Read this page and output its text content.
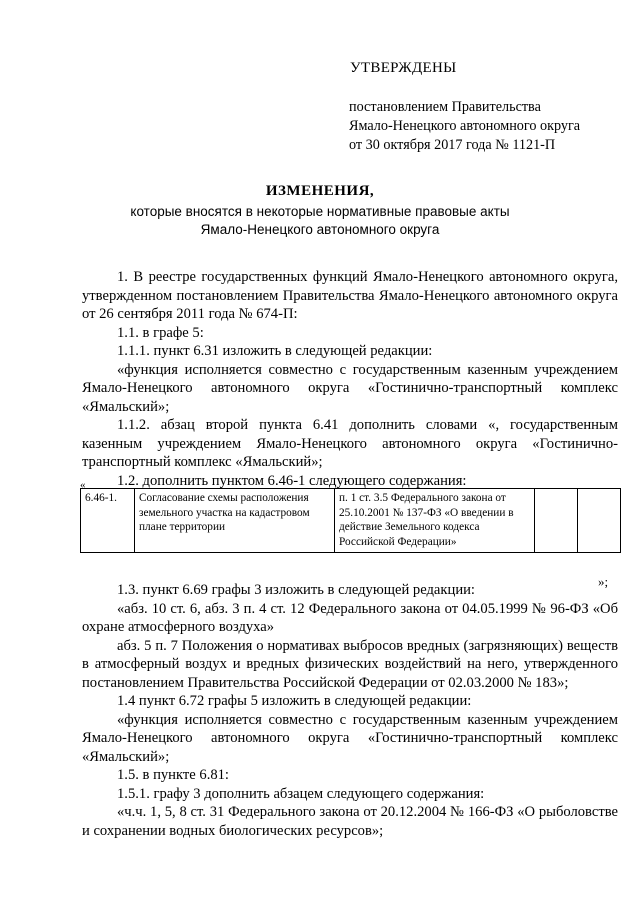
УТВЕРЖДЕНЫ
постановлением Правительства
Ямало-Ненецкого автономного округа
от 30 октября 2017 года № 1121-П
ИЗМЕНЕНИЯ,
которые вносятся в некоторые нормативные правовые акты
Ямало-Ненецкого автономного округа

1. В реестре государственных функций Ямало-Ненецкого автономного округа, утвержденном постановлением Правительства Ямало-Ненецкого автономного округа от 26 сентября 2011 года № 674-П:

1.1. в графе 5:

1.1.1. пункт 6.31 изложить в следующей редакции:

«функция исполняется совместно с государственным казенным учреждением Ямало-Ненецкого автономного округа «Гостинично-транспортный комплекс «Ямальский»;

1.1.2. абзац второй пункта 6.41 дополнить словами «, государственным казенным учреждением Ямало-Ненецкого автономного округа «Гостинично-транспортный комплекс «Ямальский»;

1.2. дополнить пунктом 6.46-1 следующего содержания:

«
6.46-1.	Согласование схемы расположения земельного участка на кадастровом плане территории	п. 1 ст. 3.5 Федерального закона от 25.10.2001 № 137-ФЗ «О введении в действие Земельного кодекса Российской Федерации»		
»;

1.3. пункт 6.69 графы 3 изложить в следующей редакции:

«абз. 10 ст. 6, абз. 3 п. 4 ст. 12 Федерального закона от 04.05.1999 № 96-ФЗ «Об охране атмосферного воздуха»

абз. 5 п. 7 Положения о нормативах выбросов вредных (загрязняющих) веществ в атмосферный воздух и вредных физических воздействий на него, утвержденного постановлением Правительства Российской Федерации от 02.03.2000 № 183»;

1.4 пункт 6.72 графы 5 изложить в следующей редакции:

«функция исполняется совместно с государственным казенным учреждением Ямало-Ненецкого автономного округа «Гостинично-транспортный комплекс «Ямальский»;

1.5. в пункте 6.81:

1.5.1. графу 3 дополнить абзацем следующего содержания:

«ч.ч. 1, 5, 8 ст. 31 Федерального закона от 20.12.2004 № 166-ФЗ «О рыболовстве и сохранении водных биологических ресурсов»;
